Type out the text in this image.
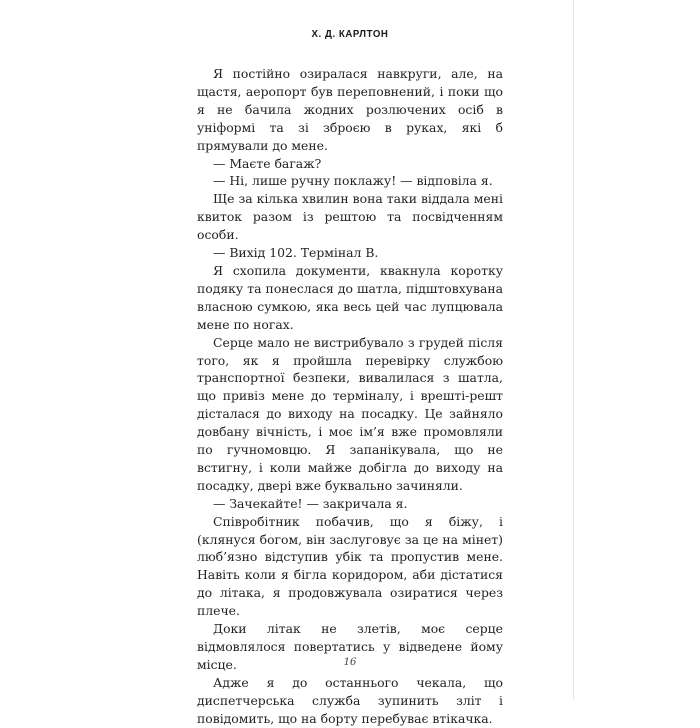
Х. Д. КАРЛТОН

Я постійно озиралася навкруги, але, на щастя, аеропорт був переповнений, і поки що я не бачила жодних розлючених осіб в уніформі та зі зброєю в руках, які б прямували до мене.

— Маєте багаж?

— Ні, лише ручну поклажу! — відповіла я.

Ще за кілька хвилин вона таки віддала мені квиток разом із рештою та посвідченням особи.

— Вихід 102. Термінал В.

Я схопила документи, квакнула коротку подяку та понеслася до шатла, підштовхувана власною сумкою, яка весь цей час лупцювала мене по ногах.

Серце мало не вистрибувало з грудей після того, як я пройшла перевірку службою транспортної безпеки, вивалилася з шатла, що привіз мене до терміналу, і врешті-решт дісталася до виходу на посадку. Це зайняло довбану вічність, і моє ім’я вже промовляли по гучномовцю. Я запанікувала, що не встигну, і коли майже добігла до виходу на посадку, двері вже буквально зачиняли.

— Зачекайте! — закричала я.

Співробітник побачив, що я біжу, і (клянуся богом, він заслуговує за це на мінет) люб’язно відступив убік та пропустив мене. Навіть коли я бігла коридором, аби дістатися до літака, я продовжувала озиратися через плече.

Доки літак не злетів, моє серце відмовлялося повертатись у відведене йому місце.

Адже я до останнього чекала, що диспетчерська служба зупинить зліт і повідомить, що на борту перебуває втікачка.

16
